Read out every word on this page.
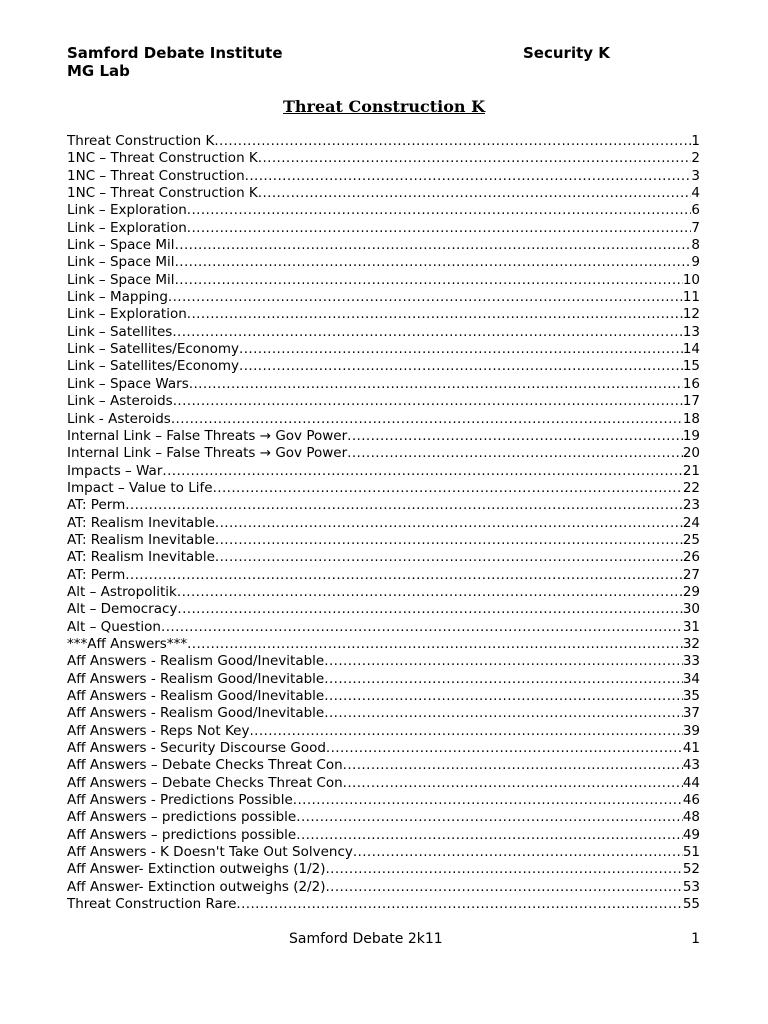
Samford Debate Institute	Security K
MG Lab
Threat Construction K
Threat Construction K .....	1
1NC – Threat Construction K .....	2
1NC – Threat Construction .....	3
1NC – Threat Construction K .....	4
Link – Exploration .....	6
Link – Exploration .....	7
Link – Space Mil .....	8
Link – Space Mil .....	9
Link – Space Mil .....	10
Link – Mapping .....	11
Link – Exploration .....	12
Link – Satellites .....	13
Link – Satellites/Economy .....	14
Link – Satellites/Economy .....	15
Link – Space Wars .....	16
Link – Asteroids .....	17
Link - Asteroids .....	18
Internal Link – False Threats → Gov Power .....	19
Internal Link – False Threats → Gov Power .....	20
Impacts – War .....	21
Impact – Value to Life .....	22
AT: Perm .....	23
AT: Realism Inevitable .....	24
AT: Realism Inevitable .....	25
AT: Realism Inevitable .....	26
AT: Perm .....	27
Alt – Astropolitik .....	29
Alt – Democracy .....	30
Alt – Question .....	31
***Aff Answers*** .....	32
Aff Answers - Realism Good/Inevitable .....	33
Aff Answers - Realism Good/Inevitable .....	34
Aff Answers - Realism Good/Inevitable .....	35
Aff Answers - Realism Good/Inevitable .....	37
Aff Answers - Reps Not Key .....	39
Aff Answers - Security Discourse Good .....	41
Aff Answers – Debate Checks Threat Con .....	43
Aff Answers – Debate Checks Threat Con .....	44
Aff Answers - Predictions Possible .....	46
Aff Answers – predictions possible .....	48
Aff Answers – predictions possible .....	49
Aff Answers - K Doesn't Take Out Solvency .....	51
Aff Answer- Extinction outweighs (1/2) .....	52
Aff Answer- Extinction outweighs (2/2) .....	53
Threat Construction Rare .....	55
Samford Debate 2k11	1
